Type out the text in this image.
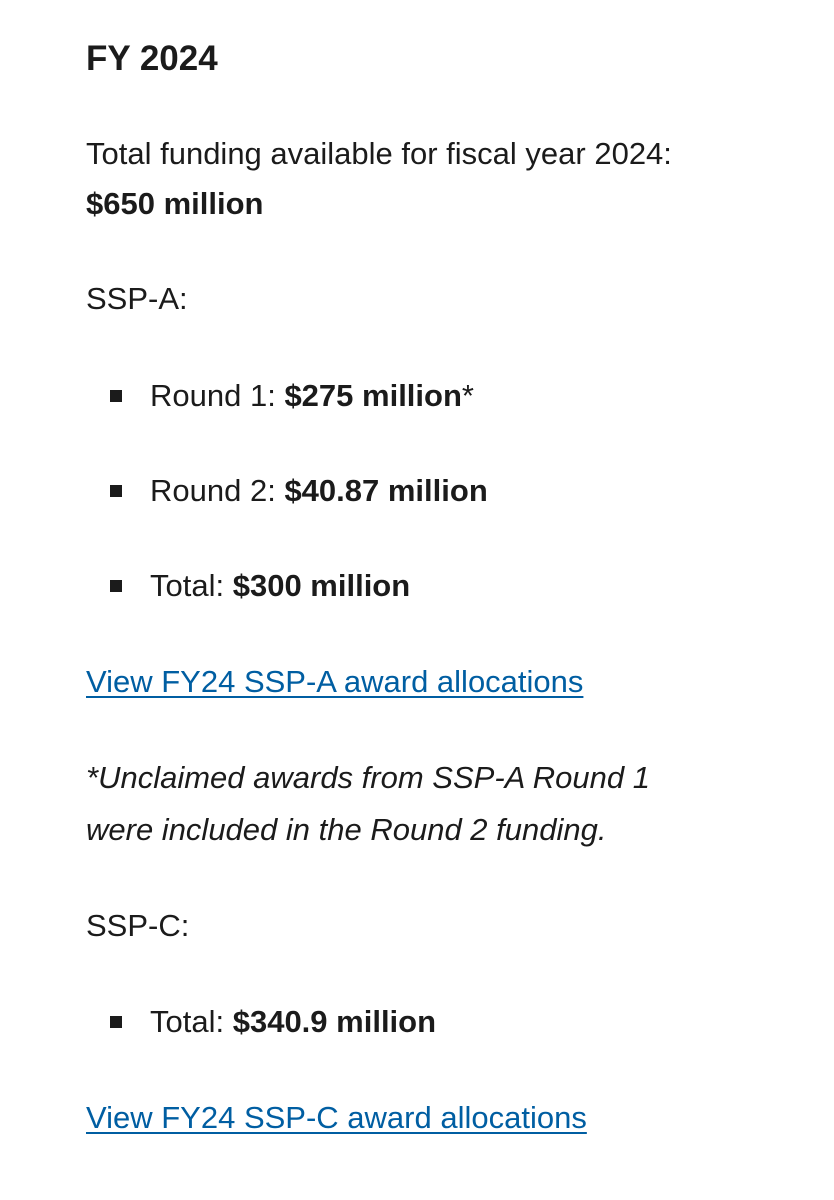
FY 2024

Total funding available for fiscal year 2024:

$650 million

SSP-A:

Round 1: $275 million*
Round 2: $40.87 million
Total: $300 million
View FY24 SSP-A award allocations

*Unclaimed awards from SSP-A Round 1

were included in the Round 2 funding.

SSP-C:

Total: $340.9 million
View FY24 SSP-C award allocations
